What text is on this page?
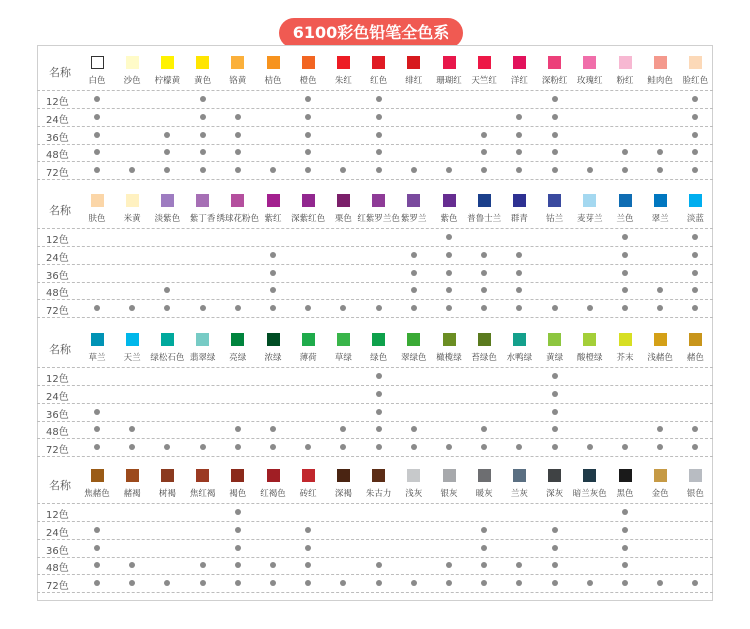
6100彩色铅笔全色系
名称
白色 沙色 柠檬黄 黄色 铬黄 桔色 橙色 朱红 红色 绯红 珊瑚红 天竺红 洋红 深粉红 玫瑰红 粉红 鲑肉色 脸红色
12色
24色
36色
48色
72色
名称
肤色 米黄 淡紫色 紫丁香 绣球花粉色 紫红 深紫红色 栗色 红紫罗兰色 紫罗兰 紫色 普鲁士兰 群青 钴兰 麦芽兰 兰色 翠兰 淡蓝
12色
24色
36色
48色
72色
名称
草兰 天兰 绿松石色 翡翠绿 亮绿 浓绿 薄荷 草绿 绿色 翠绿色 橄榄绿 苔绿色 水鸭绿 黄绿 酸橙绿 芥末 浅赭色 赭色
12色
24色
36色
48色
72色
名称
焦赭色 赭褐 树褐 焦红褐 褐色 红褐色 砖红 深褐 朱古力 浅灰 银灰 暖灰 兰灰 深灰 暗兰灰色 黑色 金色 银色
12色
24色
36色
48色
72色
